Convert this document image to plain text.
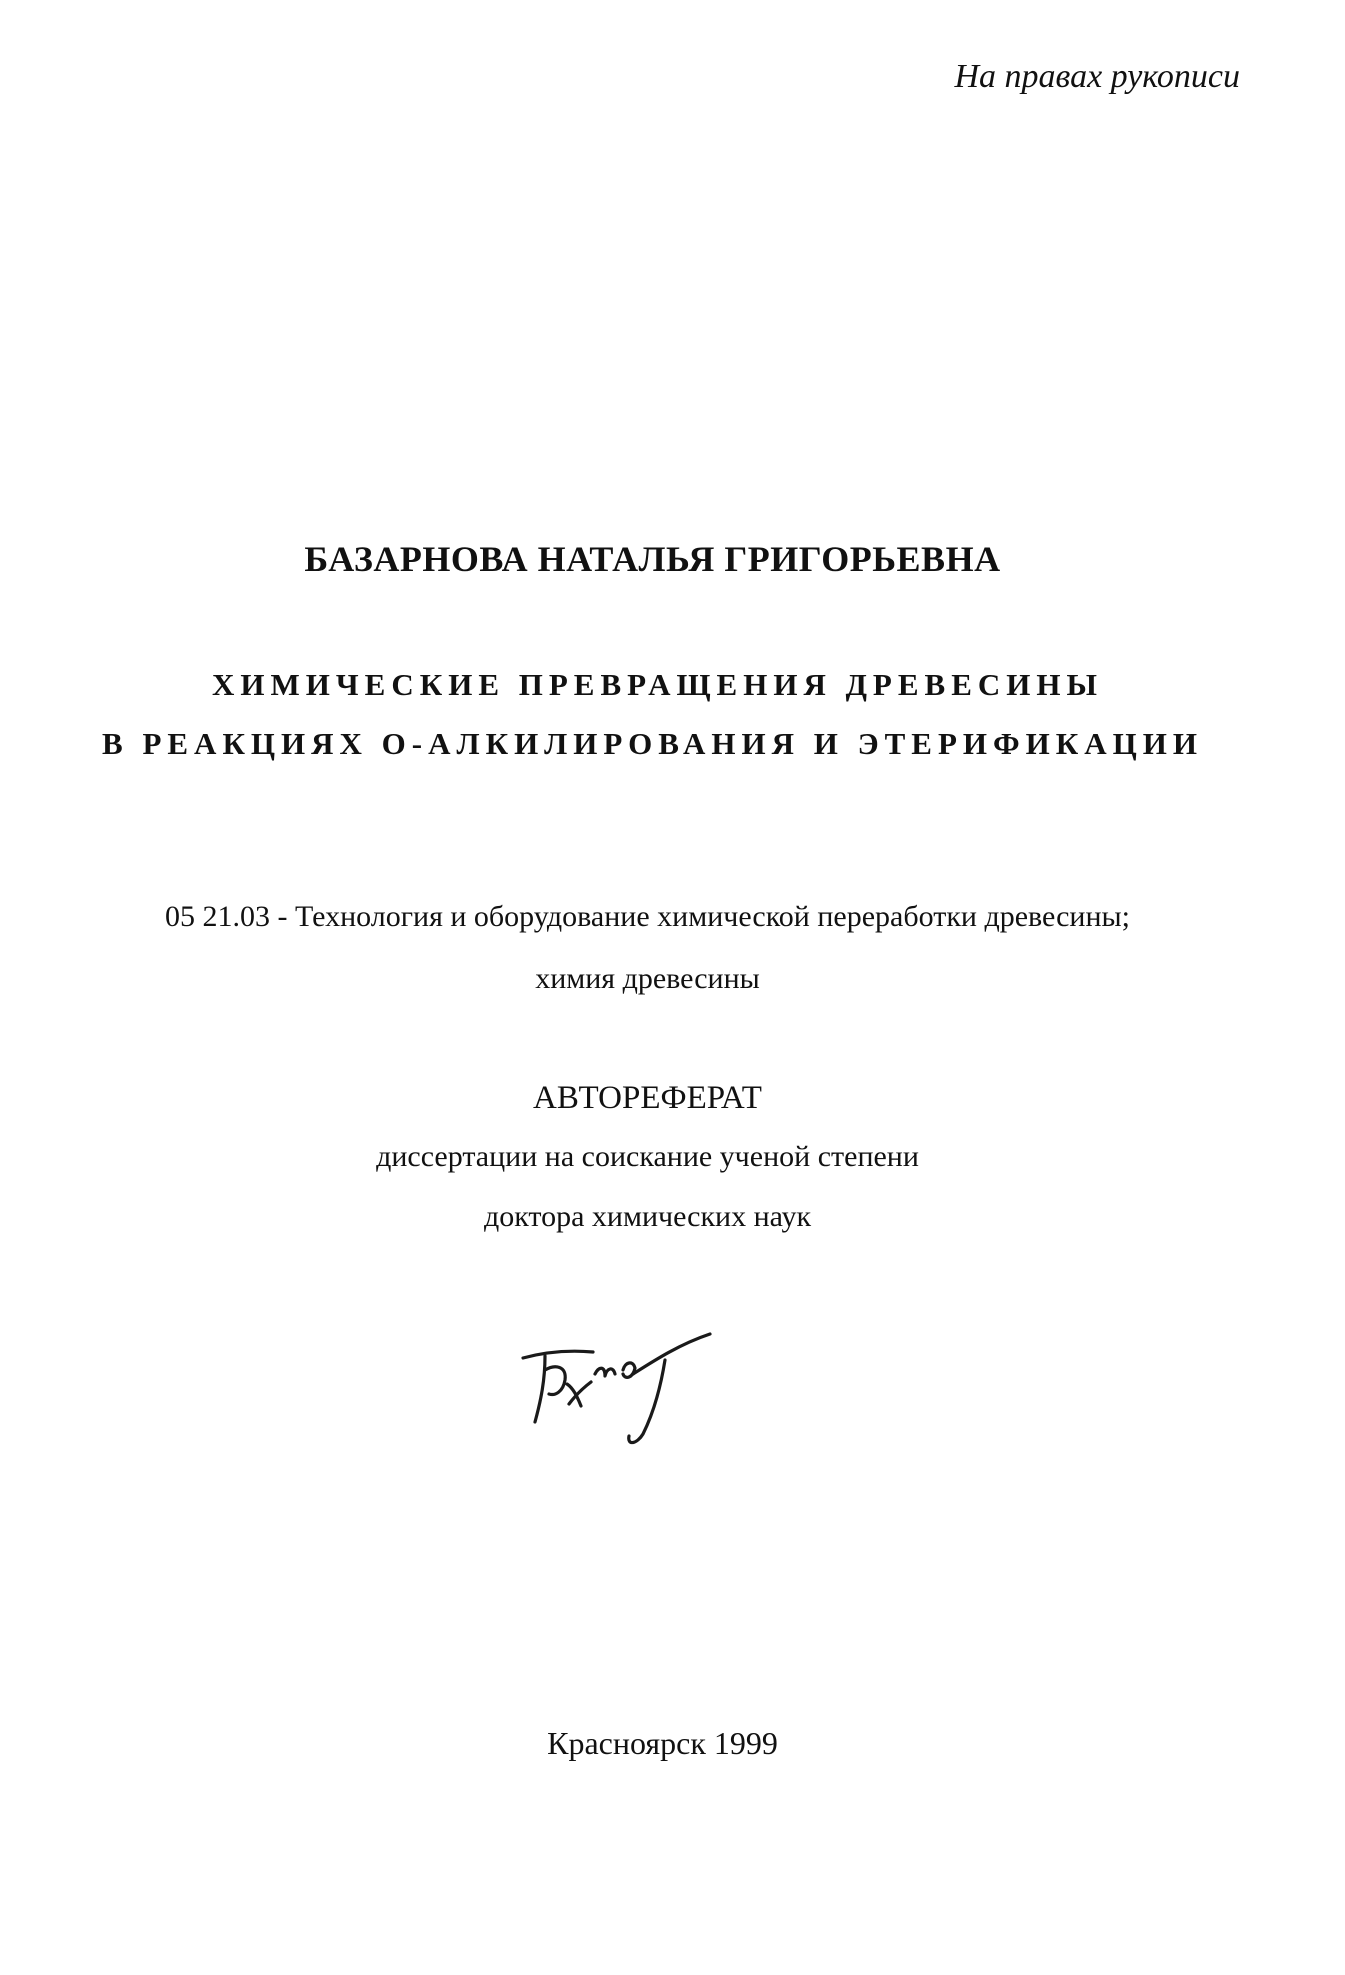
На правах рукописи
БАЗАРНОВА НАТАЛЬЯ ГРИГОРЬЕВНА
ХИМИЧЕСКИЕ ПРЕВРАЩЕНИЯ ДРЕВЕСИНЫ
В РЕАКЦИЯХ О-АЛКИЛИРОВАНИЯ И ЭТЕРИФИКАЦИИ
05 21.03 - Технология и оборудование химической переработки древесины;
химия древесины
АВТОРЕФЕРАТ
диссертации на соискание ученой степени
доктора химических наук
Красноярск 1999
